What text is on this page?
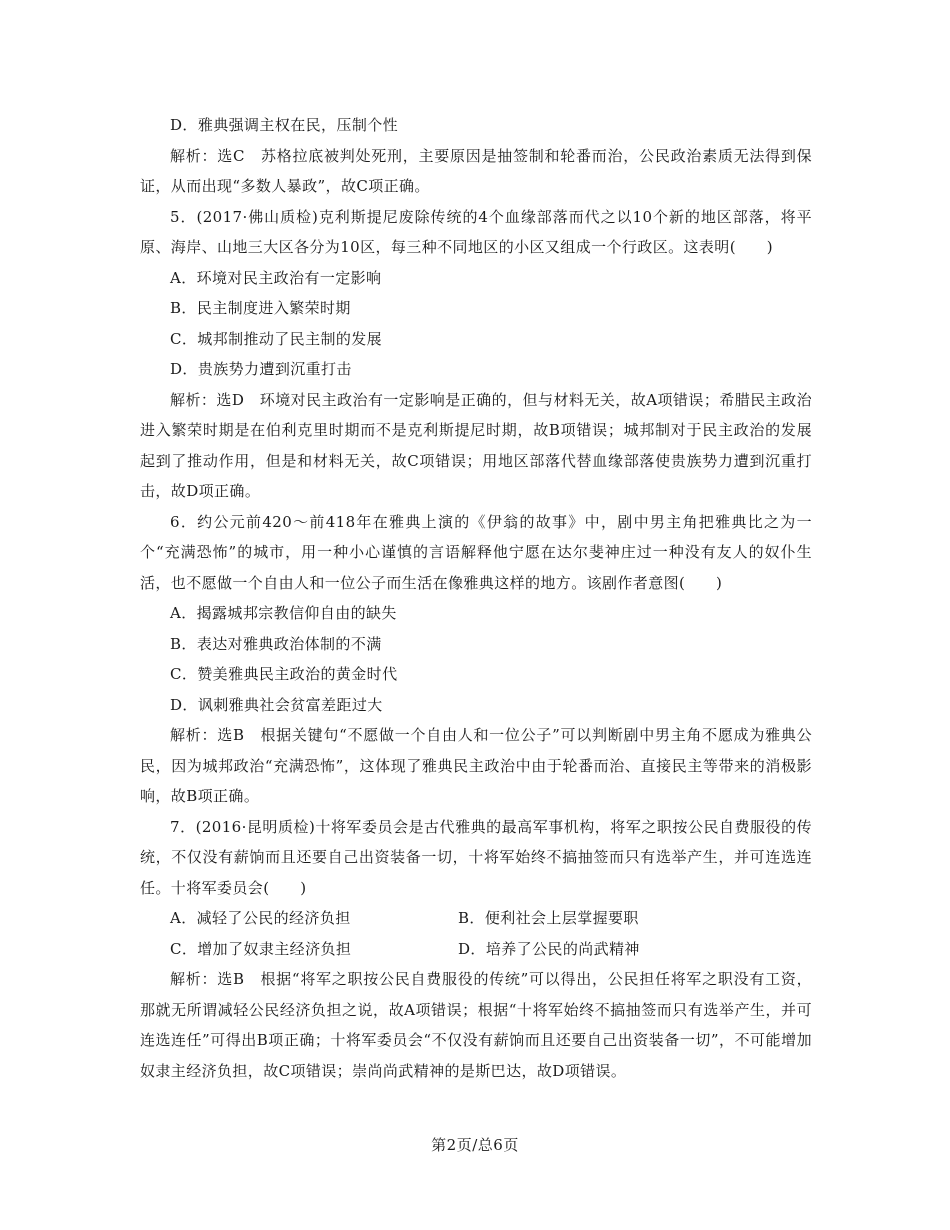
D．雅典强调主权在民，压制个性

解析：选C　苏格拉底被判处死刑，主要原因是抽签制和轮番而治，公民政治素质无法得到保证，从而出现“多数人暴政”，故C项正确。

5．(2017·佛山质检)克利斯提尼废除传统的4个血缘部落而代之以10个新的地区部落，将平原、海岸、山地三大区各分为10区，每三种不同地区的小区又组成一个行政区。这表明(　　)

A．环境对民主政治有一定影响
B．民主制度进入繁荣时期
C．城邦制推动了民主制的发展
D．贵族势力遭到沉重打击

解析：选D　环境对民主政治有一定影响是正确的，但与材料无关，故A项错误；希腊民主政治进入繁荣时期是在伯利克里时期而不是克利斯提尼时期，故B项错误；城邦制对于民主政治的发展起到了推动作用，但是和材料无关，故C项错误；用地区部落代替血缘部落使贵族势力遭到沉重打击，故D项正确。

6．约公元前420～前418年在雅典上演的《伊翁的故事》中，剧中男主角把雅典比之为一个“充满恐怖”的城市，用一种小心谨慎的言语解释他宁愿在达尔斐神庄过一种没有友人的奴仆生活，也不愿做一个自由人和一位公子而生活在像雅典这样的地方。该剧作者意图(　　)

A．揭露城邦宗教信仰自由的缺失
B．表达对雅典政治体制的不满
C．赞美雅典民主政治的黄金时代
D．讽刺雅典社会贫富差距过大

解析：选B　根据关键句“不愿做一个自由人和一位公子”可以判断剧中男主角不愿成为雅典公民，因为城邦政治“充满恐怖”，这体现了雅典民主政治中由于轮番而治、直接民主等带来的消极影响，故B项正确。

7．(2016·昆明质检)十将军委员会是古代雅典的最高军事机构，将军之职按公民自费服役的传统，不仅没有薪饷而且还要自己出资装备一切，十将军始终不搞抽签而只有选举产生，并可连选连任。十将军委员会(　　)

A．减轻了公民的经济负担	B．便利社会上层掌握要职
C．增加了奴隶主经济负担	D．培养了公民的尚武精神

解析：选B　根据“将军之职按公民自费服役的传统”可以得出，公民担任将军之职没有工资，那就无所谓减轻公民经济负担之说，故A项错误；根据“十将军始终不搞抽签而只有选举产生，并可连选连任”可得出B项正确；十将军委员会“不仅没有薪饷而且还要自己出资装备一切”，不可能增加奴隶主经济负担，故C项错误；崇尚尚武精神的是斯巴达，故D项错误。

第2页/总6页
